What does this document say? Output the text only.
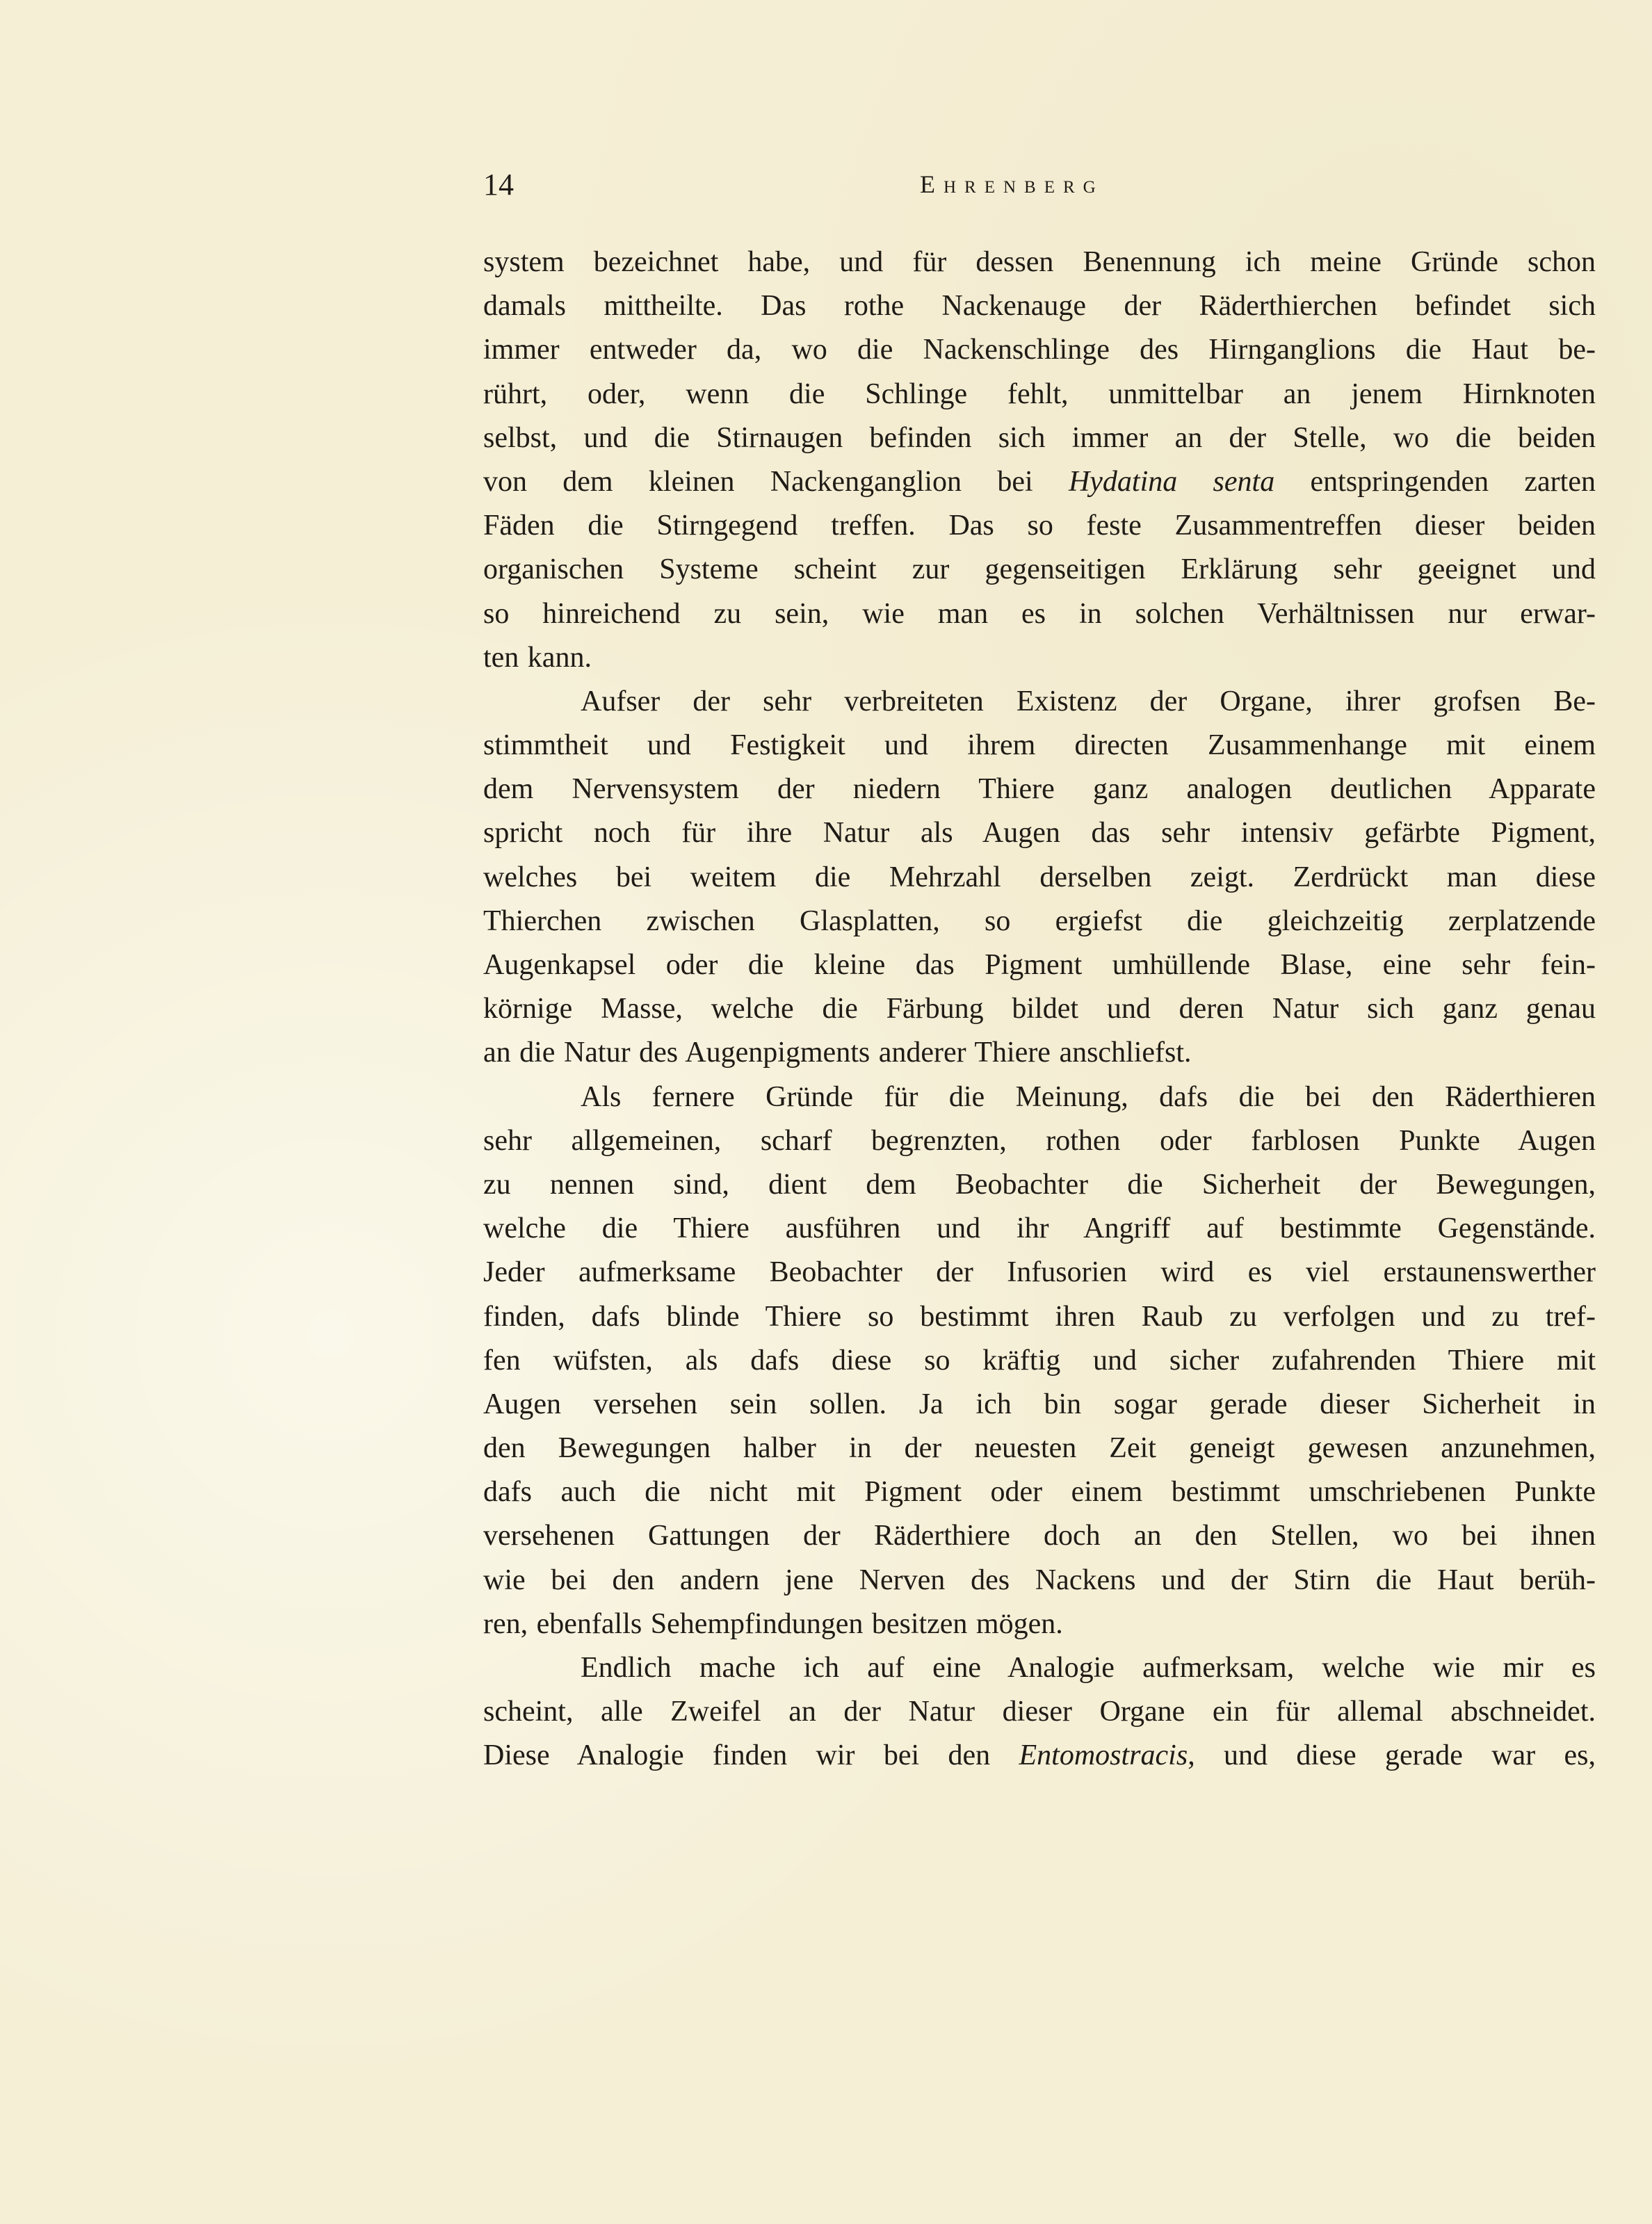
14	Ehrenberg
system bezeichnet habe, und für dessen Benennung ich meine Gründe schon
damals mittheilte. Das rothe Nackenauge der Räderthierchen befindet sich
immer entweder da, wo die Nackenschlinge des Hirnganglions die Haut be-
rührt, oder, wenn die Schlinge fehlt, unmittelbar an jenem Hirnknoten
selbst, und die Stirnaugen befinden sich immer an der Stelle, wo die beiden
von dem kleinen Nackenganglion bei Hydatina senta entspringenden zarten
Fäden die Stirngegend treffen. Das so feste Zusammentreffen dieser beiden
organischen Systeme scheint zur gegenseitigen Erklärung sehr geeignet und
so hinreichend zu sein, wie man es in solchen Verhältnissen nur erwar-
ten kann.
Aufser der sehr verbreiteten Existenz der Organe, ihrer grofsen Be-
stimmtheit und Festigkeit und ihrem directen Zusammenhange mit einem
dem Nervensystem der niedern Thiere ganz analogen deutlichen Apparate
spricht noch für ihre Natur als Augen das sehr intensiv gefärbte Pigment,
welches bei weitem die Mehrzahl derselben zeigt. Zerdrückt man diese
Thierchen zwischen Glasplatten, so ergiefst die gleichzeitig zerplatzende
Augenkapsel oder die kleine das Pigment umhüllende Blase, eine sehr fein-
körnige Masse, welche die Färbung bildet und deren Natur sich ganz genau
an die Natur des Augenpigments anderer Thiere anschliefst.
Als fernere Gründe für die Meinung, dafs die bei den Räderthieren
sehr allgemeinen, scharf begrenzten, rothen oder farblosen Punkte Augen
zu nennen sind, dient dem Beobachter die Sicherheit der Bewegungen,
welche die Thiere ausführen und ihr Angriff auf bestimmte Gegenstände.
Jeder aufmerksame Beobachter der Infusorien wird es viel erstaunenswerther
finden, dafs blinde Thiere so bestimmt ihren Raub zu verfolgen und zu tref-
fen wüfsten, als dafs diese so kräftig und sicher zufahrenden Thiere mit
Augen versehen sein sollen. Ja ich bin sogar gerade dieser Sicherheit in
den Bewegungen halber in der neuesten Zeit geneigt gewesen anzunehmen,
dafs auch die nicht mit Pigment oder einem bestimmt umschriebenen Punkte
versehenen Gattungen der Räderthiere doch an den Stellen, wo bei ihnen
wie bei den andern jene Nerven des Nackens und der Stirn die Haut berüh-
ren, ebenfalls Sehempfindungen besitzen mögen.
Endlich mache ich auf eine Analogie aufmerksam, welche wie mir es
scheint, alle Zweifel an der Natur dieser Organe ein für allemal abschneidet.
Diese Analogie finden wir bei den Entomostracis, und diese gerade war es,
